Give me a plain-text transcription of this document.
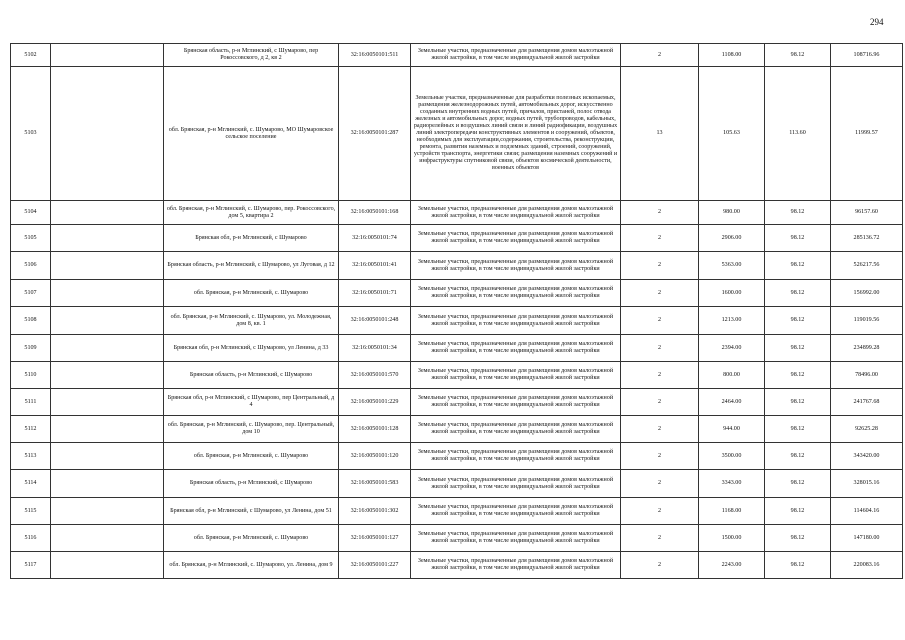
294
5102		Брянская область, р-н Мглинский, с Шумарово, пер Рокоссовского, д 2, кв 2	32:16:0050101:511	Земельные участки, предназначенные для размещения домов малоэтажной жилой застройки, в том числе индивидуальной жилой застройки	2	1108.00	98.12	108716.96
5103		обл. Брянская, р-н Мглинский, с. Шумарово, МО Шумаровское сельское поселение	32:16:0050101:287	Земельные участки, предназначенные для разработки полезных ископаемых, размещения железнодорожных путей, автомобильных дорог, искусственно созданных внутренних водных путей, причалов, пристаней, полос отвода железных и автомобильных дорог, водных путей, трубопроводов, кабельных, радиорелейных и воздушных линий связи и линий радиофикации, воздушных линий электропередачи конструктивных элементов и сооружений, объектов, необходимых для эксплуатации,содержания, строительства, реконструкции, ремонта, развития наземных и подземных зданий, строений, сооружений, устройств транспорта, энергетики связи; размещения наземных сооружений и инфраструктуры спутниковой связи, объектов космической деятельности, военных объектов	13	105.63	113.60	11999.57
5104		обл. Брянская, р-н Мглинский, с. Шумарово, пер. Рокоссовского, дом 5, квартира 2	32:16:0050101:168	Земельные участки, предназначенные для размещения домов малоэтажной жилой застройки, в том числе индивидуальной жилой застройки	2	980.00	98.12	96157.60
5105		Брянская обл, р-н Мглинский, с Шумарово	32:16:0050101:74	Земельные участки, предназначенные для размещения домов малоэтажной жилой застройки, в том числе индивидуальной жилой застройки	2	2906.00	98.12	285136.72
5106		Брянская область, р-н Мглинский, с Шумарово, ул Луговая, д 12	32:16:0050101:41	Земельные участки, предназначенные для размещения домов малоэтажной жилой застройки, в том числе индивидуальной жилой застройки	2	5363.00	98.12	526217.56
5107		обл. Брянская, р-н Мглинский, с. Шумарово	32:16:0050101:71	Земельные участки, предназначенные для размещения домов малоэтажной жилой застройки, в том числе индивидуальной жилой застройки	2	1600.00	98.12	156992.00
5108		обл. Брянская, р-н Мглинский, с. Шумарово, ул. Молодежная, дом 8, кв. 1	32:16:0050101:248	Земельные участки, предназначенные для размещения домов малоэтажной жилой застройки, в том числе индивидуальной жилой застройки	2	1213.00	98.12	119019.56
5109		Брянская обл, р-н Мглинский, с Шумарово, ул Ленина, д 33	32:16:0050101:34	Земельные участки, предназначенные для размещения домов малоэтажной жилой застройки, в том числе индивидуальной жилой застройки	2	2394.00	98.12	234899.28
5110		Брянская область, р-н Мглинский, с Шумарово	32:16:0050101:570	Земельные участки, предназначенные для размещения домов малоэтажной жилой застройки, в том числе индивидуальной жилой застройки	2	800.00	98.12	78496.00
5111		Брянская обл, р-н Мглинский, с Шумарово, пер Центральный, д 4	32:16:0050101:229	Земельные участки, предназначенные для размещения домов малоэтажной жилой застройки, в том числе индивидуальной жилой застройки	2	2464.00	98.12	241767.68
5112		обл. Брянская, р-н Мглинский, с. Шумарово, пер. Центральный, дом 10	32:16:0050101:128	Земельные участки, предназначенные для размещения домов малоэтажной жилой застройки, в том числе индивидуальной жилой застройки	2	944.00	98.12	92625.28
5113		обл. Брянская, р-н Мглинский, с. Шумарово	32:16:0050101:120	Земельные участки, предназначенные для размещения домов малоэтажной жилой застройки, в том числе индивидуальной жилой застройки	2	3500.00	98.12	343420.00
5114		Брянская область, р-н Мглинский, с Шумарово	32:16:0050101:583	Земельные участки, предназначенные для размещения домов малоэтажной жилой застройки, в том числе индивидуальной жилой застройки	2	3343.00	98.12	328015.16
5115		Брянская обл, р-н Мглинский, с Шумарово, ул Ленина, дом 51	32:16:0050101:302	Земельные участки, предназначенные для размещения домов малоэтажной жилой застройки, в том числе индивидуальной жилой застройки	2	1168.00	98.12	114604.16
5116		обл. Брянская, р-н Мглинский, с. Шумарово	32:16:0050101:127	Земельные участки, предназначенные для размещения домов малоэтажной жилой застройки, в том числе индивидуальной жилой застройки	2	1500.00	98.12	147180.00
5117		обл. Брянская, р-н Мглинский, с. Шумарово, ул. Ленина, дом 9	32:16:0050101:227	Земельные участки, предназначенные для размещения домов малоэтажной жилой застройки, в том числе индивидуальной жилой застройки	2	2243.00	98.12	220083.16
